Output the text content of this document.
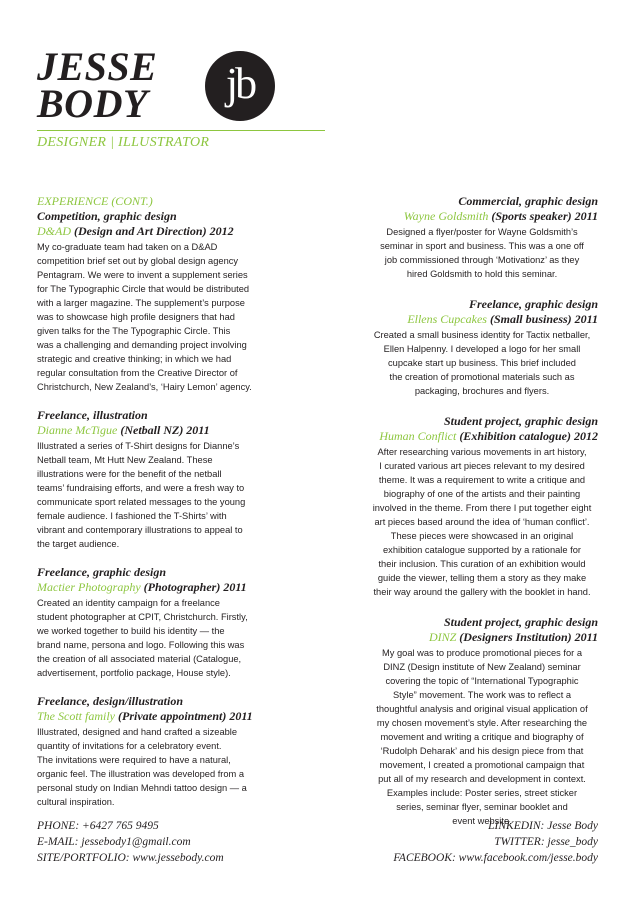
JESSE
BODY	jb
DESIGNER | ILLUSTRATOR
EXPERIENCE (CONT.)
Competition, graphic design
D&AD (Design and Art Direction) 2012
My co-graduate team had taken on a D&AD
competition brief set out by global design agency
Pentagram. We were to invent a supplement series
for The Typographic Circle that would be distributed
with a larger magazine. The supplement’s purpose
was to showcase high profile designers that had
given talks for the The Typographic Circle. This
was a challenging and demanding project involving
strategic and creative thinking; in which we had
regular consultation from the Creative Director of
Christchurch, New Zealand’s, ‘Hairy Lemon’ agency.
Freelance, illustration
Dianne McTigue (Netball NZ) 2011
Illustrated a series of T-Shirt designs for Dianne’s
Netball team, Mt Hutt New Zealand. These
illustrations were for the benefit of the netball
teams’ fundraising efforts, and were a fresh way to
communicate sport related messages to the young
female audience. I fashioned the T-Shirts’ with
vibrant and contemporary illustrations to appeal to
the target audience.
Freelance, graphic design
Mactier Photography (Photographer) 2011
Created an identity campaign for a freelance
student photographer at CPIT, Christchurch. Firstly,
we worked together to build his identity — the
brand name, persona and logo. Following this was
the creation of all associated material (Catalogue,
advertisement, portfolio package, House style).
Freelance, design/illustration
The Scott family (Private appointment) 2011
Illustrated, designed and hand crafted a sizeable
quantity of invitations for a celebratory event.
The invitations were required to have a natural,
organic feel. The illustration was developed from a
personal study on Indian Mehndi tattoo design — a
cultural inspiration.
Commercial, graphic design
Wayne Goldsmith (Sports speaker) 2011
Designed a flyer/poster for Wayne Goldsmith’s
seminar in sport and business. This was a one off
job commissioned through ‘Motivationz’ as they
hired Goldsmith to hold this seminar.
Freelance, graphic design
Ellens Cupcakes (Small business) 2011
Created a small business identity for Tactix netballer,
Ellen Halpenny. I developed a logo for her small
cupcake start up business. This brief included
the creation of promotional materials such as
packaging, brochures and flyers.
Student project, graphic design
Human Conflict (Exhibition catalogue) 2012
After researching various movements in art history,
I curated various art pieces relevant to my desired
theme. It was a requirement to write a critique and
biography of one of the artists and their painting
involved in the theme. From there I put together eight
art pieces based around the idea of ‘human conflict’.
These pieces were showcased in an original
exhibition catalogue supported by a rationale for
their inclusion. This curation of an exhibition would
guide the viewer, telling them a story as they make
their way around the gallery with the booklet in hand.
Student project, graphic design
DINZ (Designers Institution) 2011
My goal was to produce promotional pieces for a
DINZ (Design institute of New Zealand) seminar
covering the topic of “International Typographic
Style” movement. The work was to reflect a
thoughtful analysis and original visual application of
my chosen movement’s style. After researching the
movement and writing a critique and biography of
‘Rudolph Deharak’ and his design piece from that
movement, I created a promotional campaign that
put all of my research and development in context.
Examples include: Poster series, street sticker
series, seminar flyer, seminar booklet and
event website.
PHONE: +6427 765 9495
E-MAIL: jessebody1@gmail.com
SITE/PORTFOLIO: www.jessebody.com
LINKEDIN: Jesse Body
TWITTER: jesse_body
FACEBOOK: www.facebook.com/jesse.body
